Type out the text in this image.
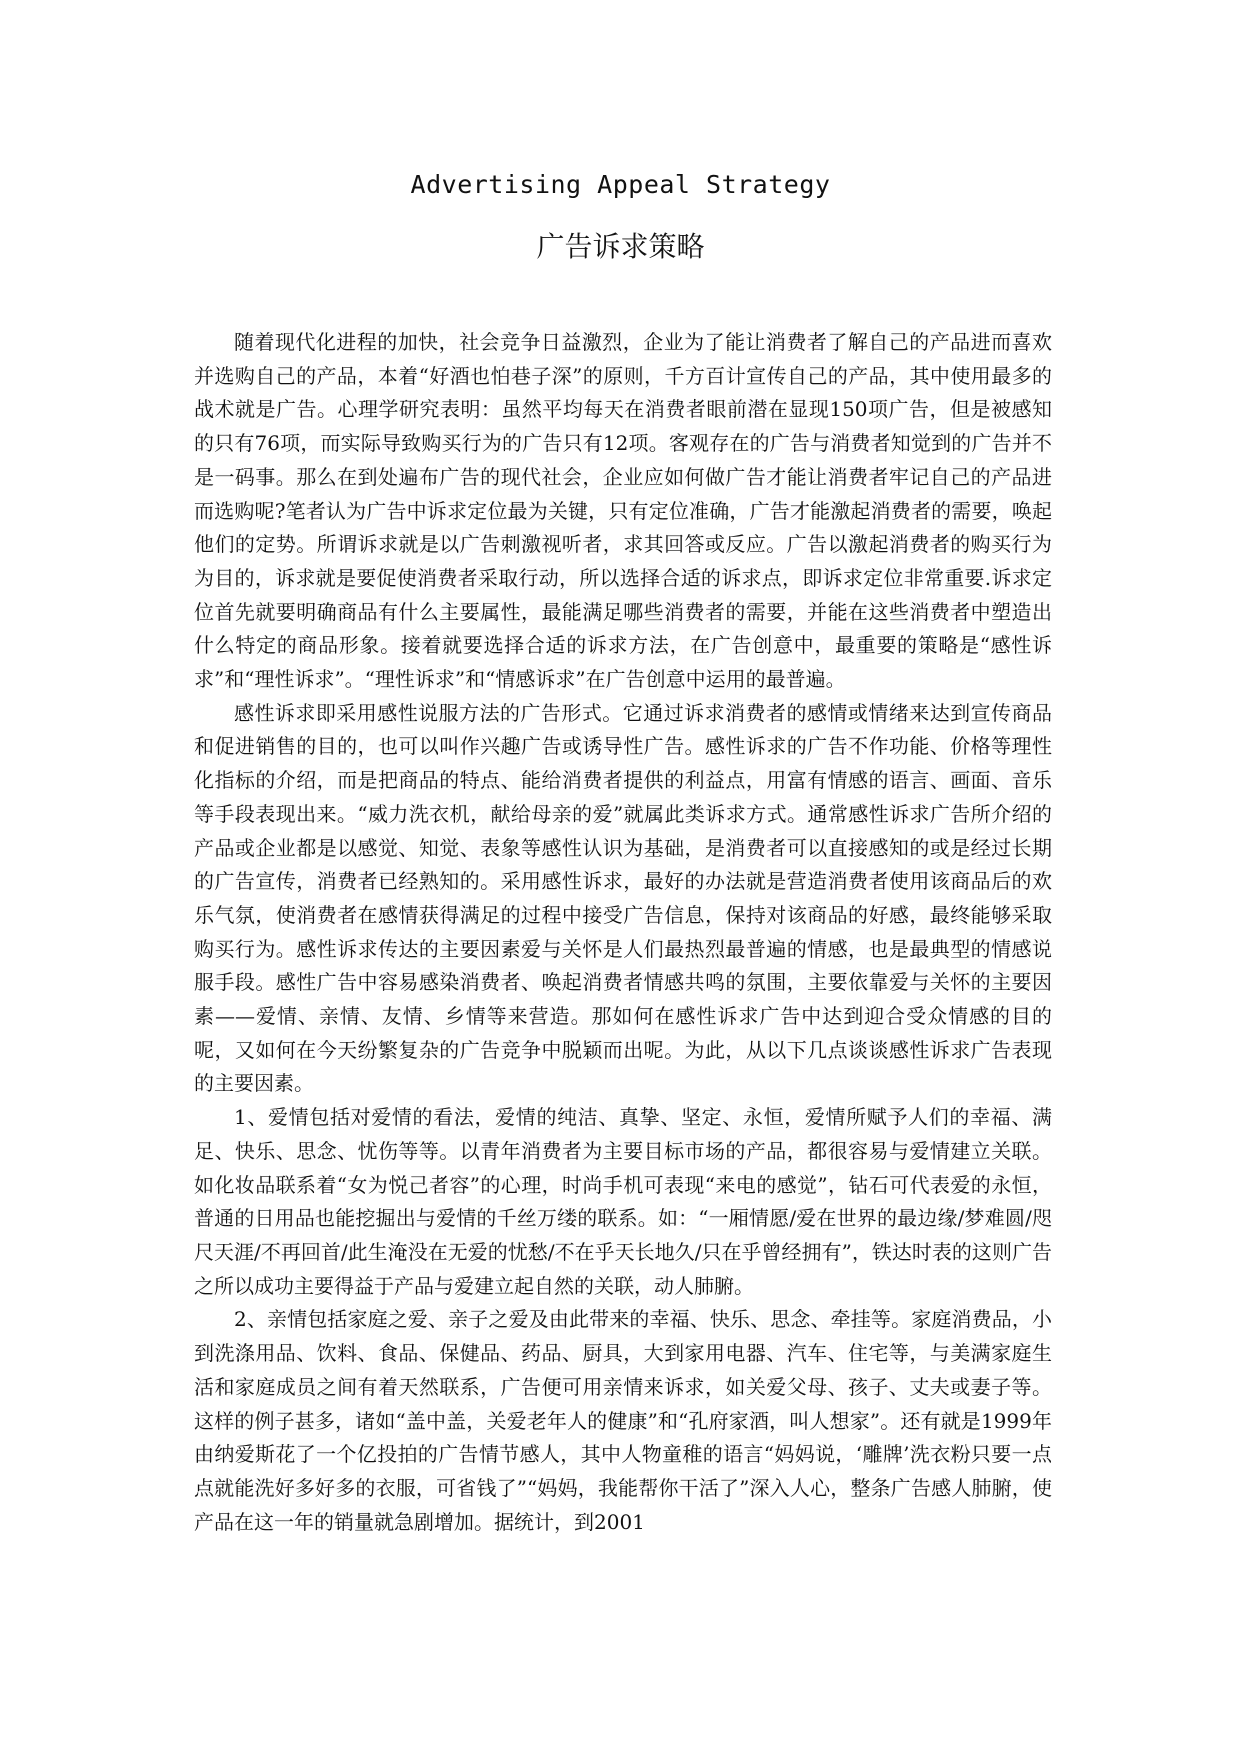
Advertising Appeal Strategy
广告诉求策略

随着现代化进程的加快，社会竞争日益激烈，企业为了能让消费者了解自己的产品进而喜欢并选购自己的产品，本着“好酒也怕巷子深”的原则，千方百计宣传自己的产品，其中使用最多的战术就是广告。心理学研究表明：虽然平均每天在消费者眼前潜在显现150项广告，但是被感知的只有76项，而实际导致购买行为的广告只有12项。客观存在的广告与消费者知觉到的广告并不是一码事。那么在到处遍布广告的现代社会，企业应如何做广告才能让消费者牢记自己的产品进而选购呢?笔者认为广告中诉求定位最为关键，只有定位准确，广告才能激起消费者的需要，唤起他们的定势。所谓诉求就是以广告刺激视听者，求其回答或反应。广告以激起消费者的购买行为为目的，诉求就是要促使消费者采取行动，所以选择合适的诉求点，即诉求定位非常重要.诉求定位首先就要明确商品有什么主要属性，最能满足哪些消费者的需要，并能在这些消费者中塑造出什么特定的商品形象。接着就要选择合适的诉求方法，在广告创意中，最重要的策略是“感性诉求”和“理性诉求”。“理性诉求”和“情感诉求”在广告创意中运用的最普遍。

感性诉求即采用感性说服方法的广告形式。它通过诉求消费者的感情或情绪来达到宣传商品和促进销售的目的，也可以叫作兴趣广告或诱导性广告。感性诉求的广告不作功能、价格等理性化指标的介绍，而是把商品的特点、能给消费者提供的利益点，用富有情感的语言、画面、音乐等手段表现出来。“威力洗衣机，献给母亲的爱”就属此类诉求方式。通常感性诉求广告所介绍的产品或企业都是以感觉、知觉、表象等感性认识为基础，是消费者可以直接感知的或是经过长期的广告宣传，消费者已经熟知的。采用感性诉求，最好的办法就是营造消费者使用该商品后的欢乐气氛，使消费者在感情获得满足的过程中接受广告信息，保持对该商品的好感，最终能够采取购买行为。感性诉求传达的主要因素爱与关怀是人们最热烈最普遍的情感，也是最典型的情感说服手段。感性广告中容易感染消费者、唤起消费者情感共鸣的氛围，主要依靠爱与关怀的主要因素——爱情、亲情、友情、乡情等来营造。那如何在感性诉求广告中达到迎合受众情感的目的呢，又如何在今天纷繁复杂的广告竞争中脱颖而出呢。为此，从以下几点谈谈感性诉求广告表现的主要因素。

1、爱情包括对爱情的看法，爱情的纯洁、真挚、坚定、永恒，爱情所赋予人们的幸福、满足、快乐、思念、忧伤等等。以青年消费者为主要目标市场的产品，都很容易与爱情建立关联。如化妆品联系着“女为悦己者容”的心理，时尚手机可表现“来电的感觉”，钻石可代表爱的永恒，普通的日用品也能挖掘出与爱情的千丝万缕的联系。如：“一厢情愿/爱在世界的最边缘/梦难圆/咫尺天涯/不再回首/此生淹没在无爱的忧愁/不在乎天长地久/只在乎曾经拥有”，铁达时表的这则广告之所以成功主要得益于产品与爱建立起自然的关联，动人肺腑。

2、亲情包括家庭之爱、亲子之爱及由此带来的幸福、快乐、思念、牵挂等。家庭消费品，小到洗涤用品、饮料、食品、保健品、药品、厨具，大到家用电器、汽车、住宅等，与美满家庭生活和家庭成员之间有着天然联系，广告便可用亲情来诉求，如关爱父母、孩子、丈夫或妻子等。这样的例子甚多，诸如“盖中盖，关爱老年人的健康”和“孔府家酒，叫人想家”。还有就是1999年由纳爱斯花了一个亿投拍的广告情节感人，其中人物童稚的语言“妈妈说，‘雕牌’洗衣粉只要一点点就能洗好多好多的衣服，可省钱了”“妈妈，我能帮你干活了”深入人心，整条广告感人肺腑，使产品在这一年的销量就急剧增加。据统计，到2001
